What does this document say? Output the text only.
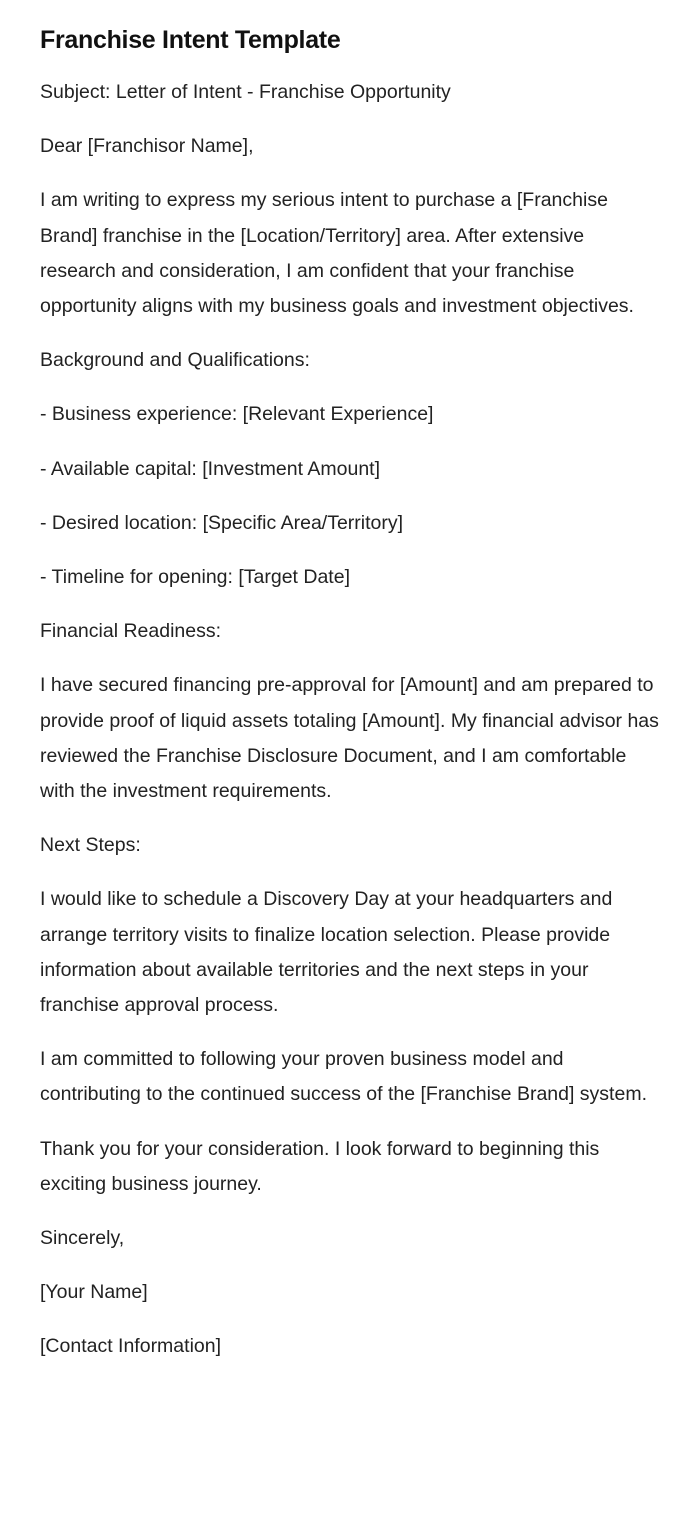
Franchise Intent Template

Subject: Letter of Intent - Franchise Opportunity

Dear [Franchisor Name],

I am writing to express my serious intent to purchase a [Franchise Brand] franchise in the [Location/Territory] area. After extensive research and consideration, I am confident that your franchise opportunity aligns with my business goals and investment objectives.

Background and Qualifications:

- Business experience: [Relevant Experience]

- Available capital: [Investment Amount]

- Desired location: [Specific Area/Territory]

- Timeline for opening: [Target Date]

Financial Readiness:

I have secured financing pre-approval for [Amount] and am prepared to provide proof of liquid assets totaling [Amount]. My financial advisor has reviewed the Franchise Disclosure Document, and I am comfortable with the investment requirements.

Next Steps:

I would like to schedule a Discovery Day at your headquarters and arrange territory visits to finalize location selection. Please provide information about available territories and the next steps in your franchise approval process.

I am committed to following your proven business model and contributing to the continued success of the [Franchise Brand] system.

Thank you for your consideration. I look forward to beginning this exciting business journey.

Sincerely,

[Your Name]

[Contact Information]
